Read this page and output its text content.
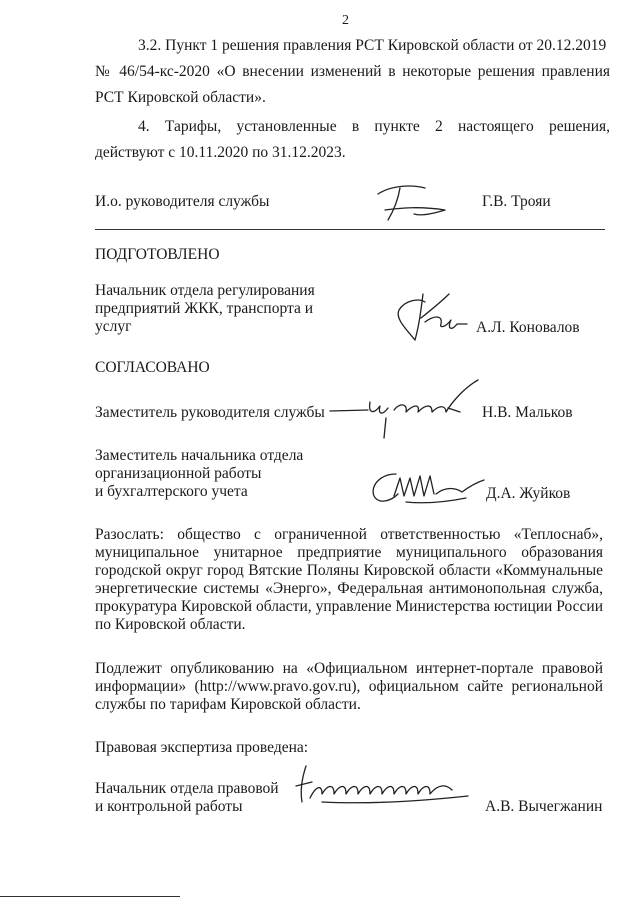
2
3.2. Пункт 1 решения правления РСТ Кировской области от 20.12.2019
№ 46/54-кс-2020 «О внесении изменений в некоторые решения правления
РСТ Кировской области».
4. Тарифы, установленные в пункте 2 настоящего решения,
действуют с 10.11.2020 по 31.12.2023.
И.о. руководителя службы	Г.В. Трояи
ПОДГОТОВЛЕНО
Начальник отдела регулирования
предприятий ЖКК, транспорта и
услуг	А.Л. Коновалов
СОГЛАСОВАНО
Заместитель руководителя службы	Н.В. Мальков
Заместитель начальника отдела
организационной работы
и бухгалтерского учета	Д.А. Жуйков
Разослать: общество с ограниченной ответственностью «Теплоснаб»,
муниципальное унитарное предприятие муниципального образования
городской округ город Вятские Поляны Кировской области «Коммунальные
энергетические системы «Энерго», Федеральная антимонопольная служба,
прокуратура Кировской области, управление Министерства юстиции России
по Кировской области.
Подлежит опубликованию на «Официальном интернет-портале правовой
информации» (http://www.pravo.gov.ru), официальном сайте региональной
службы по тарифам Кировской области.
Правовая экспертиза проведена:
Начальник отдела правовой
и контрольной работы	А.В. Вычегжанин
